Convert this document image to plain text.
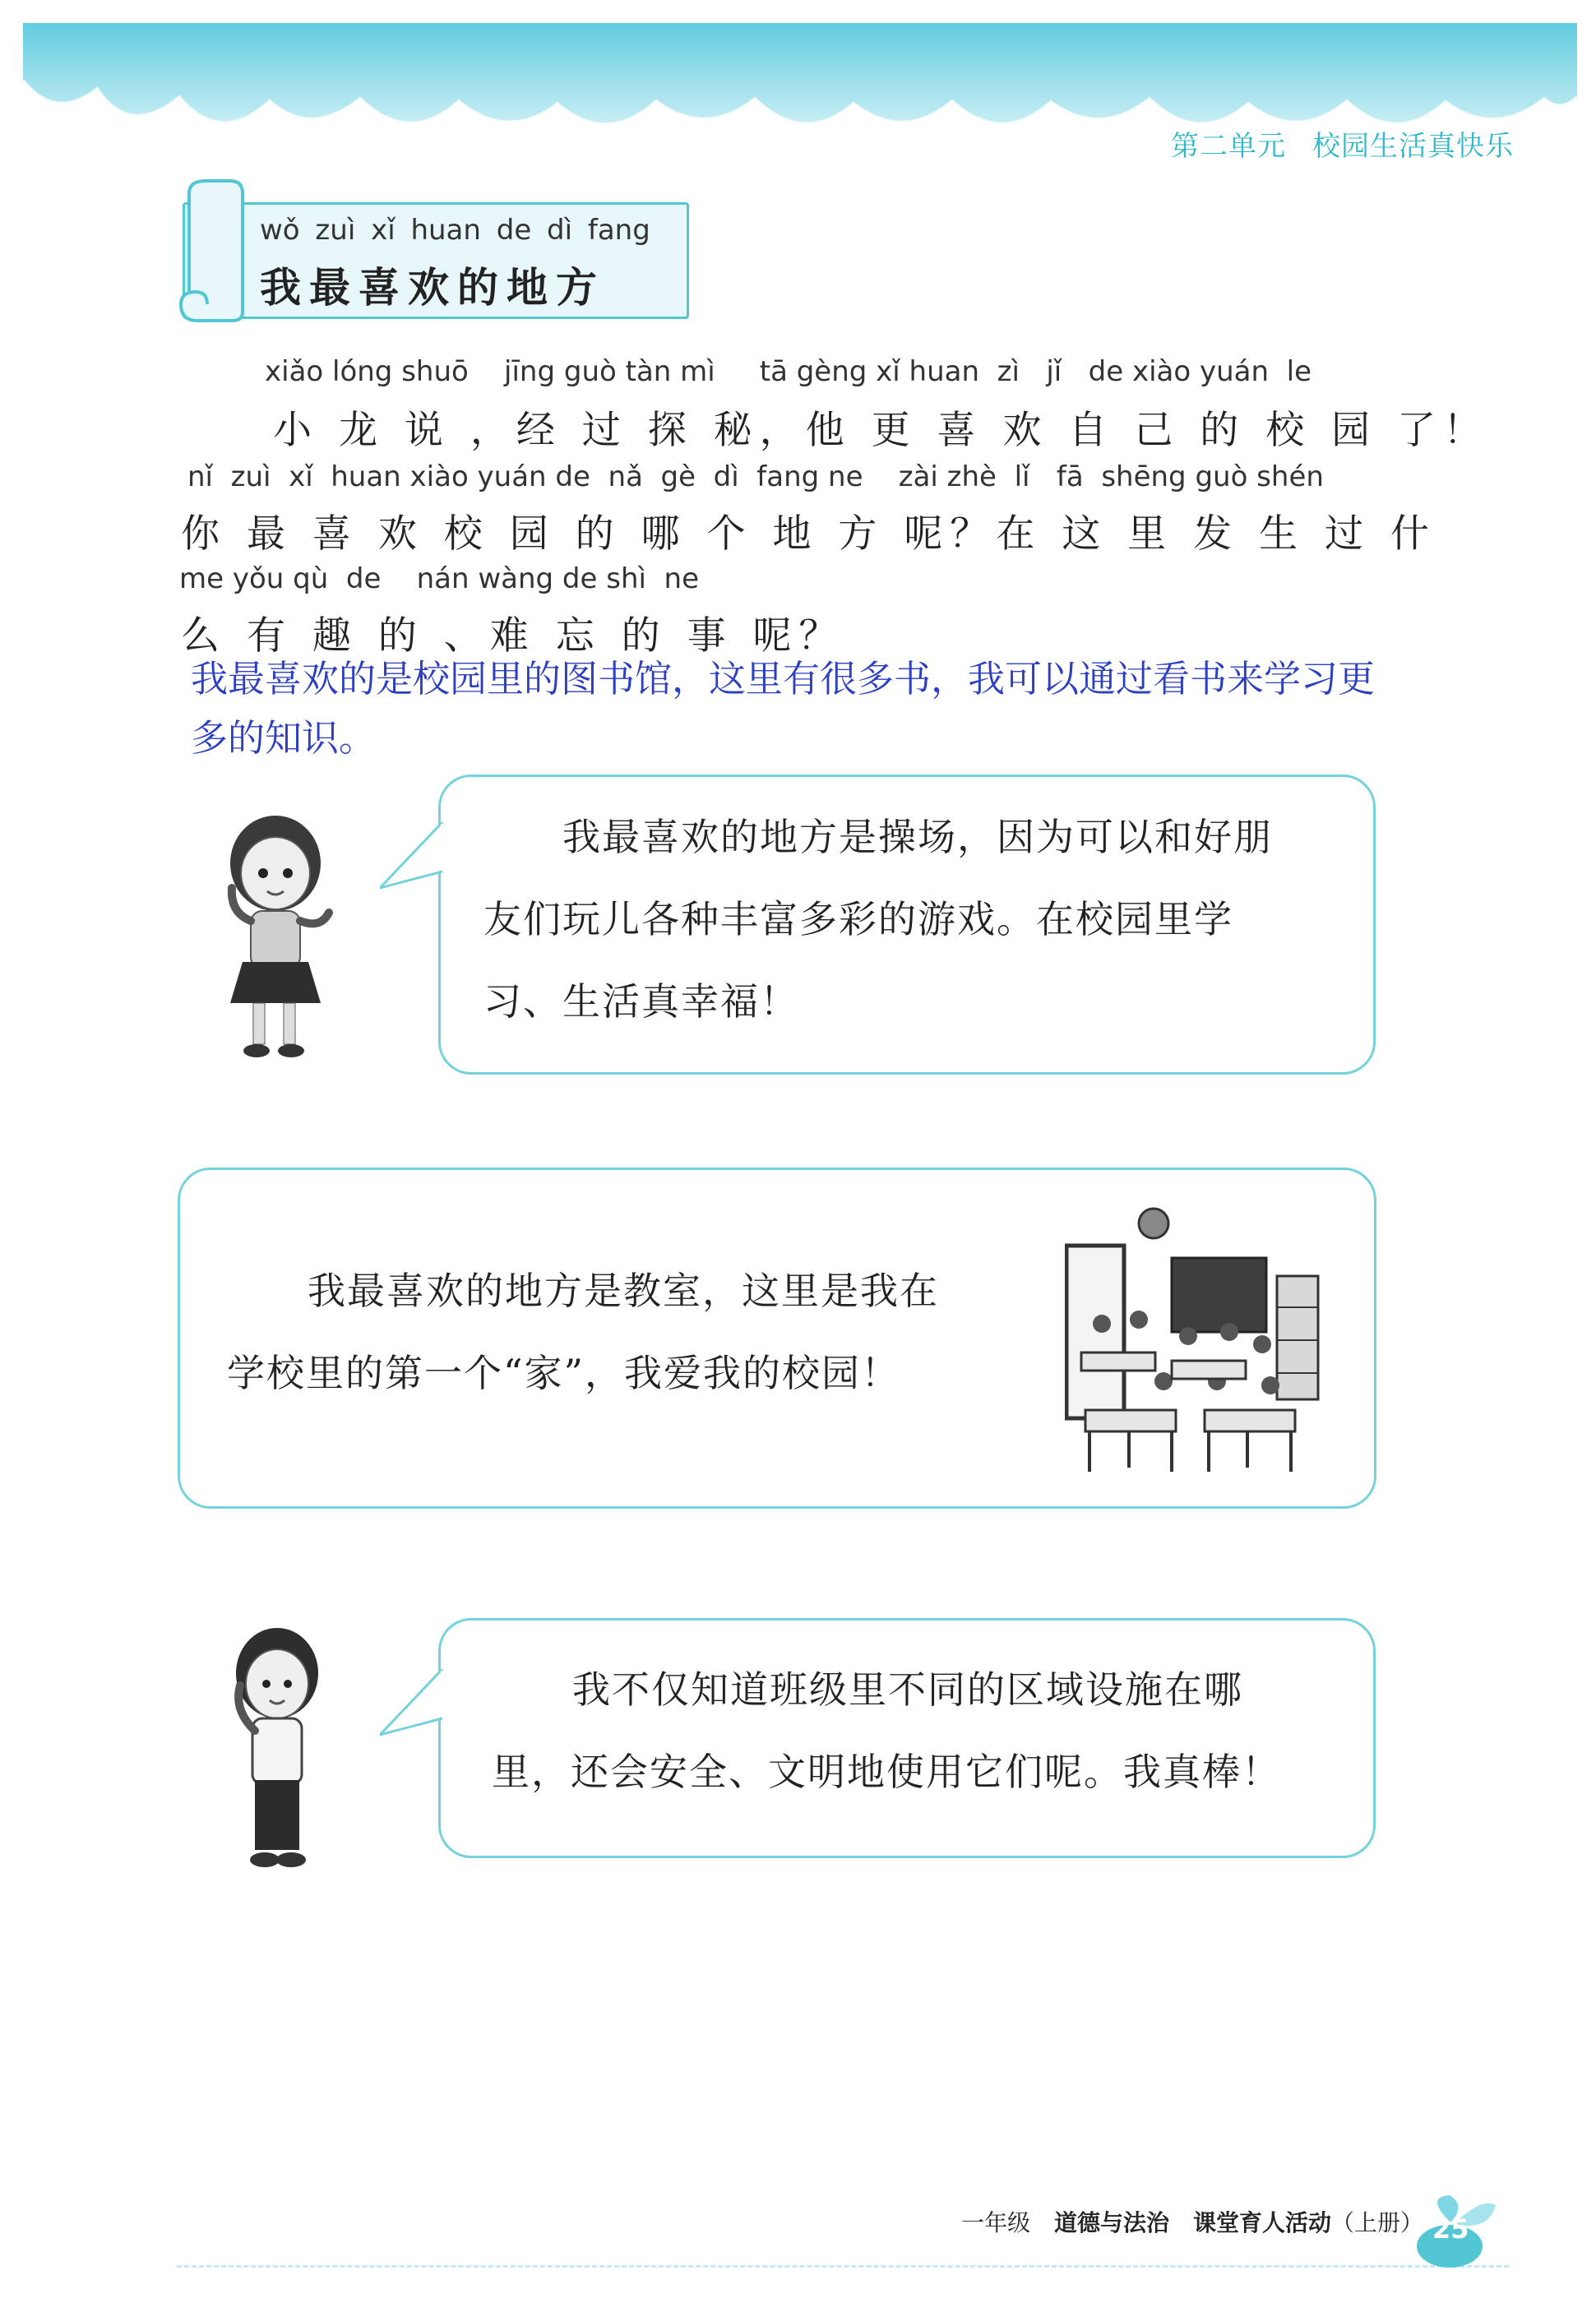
第二单元 校园生活真快乐
wǒ zuì xǐ huan de dì fang
我最喜欢的地方
xiǎo lóng shuō    jīng guò tàn mì     tā gèng xǐ huan  zì   jǐ   de xiào yuán  le
小 龙 说 ，经 过 探 秘，他 更 喜 欢 自 己 的 校 园 了！
nǐ  zuì  xǐ  huan xiào yuán de  nǎ  gè  dì  fang ne    zài zhè  lǐ   fā  shēng guò shén
你 最 喜 欢 校 园 的 哪 个 地 方 呢？在 这 里 发 生 过 什
me yǒu qù  de    nán wàng de shì  ne
么 有 趣 的 、难 忘 的 事 呢？
我最喜欢的是校园里的图书馆，这里有很多书，我可以通过看书来学习更多的知识。
我最喜欢的地方是操场，因为可以和好朋
友们玩儿各种丰富多彩的游戏。在校园里学
习、生活真幸福！
我最喜欢的地方是教室，这里是我在
学校里的第一个“家”，我爱我的校园！
我不仅知道班级里不同的区域设施在哪
里，还会安全、文明地使用它们呢。我真棒！
一年级 道德与法治 课堂育人活动（上册） 25
